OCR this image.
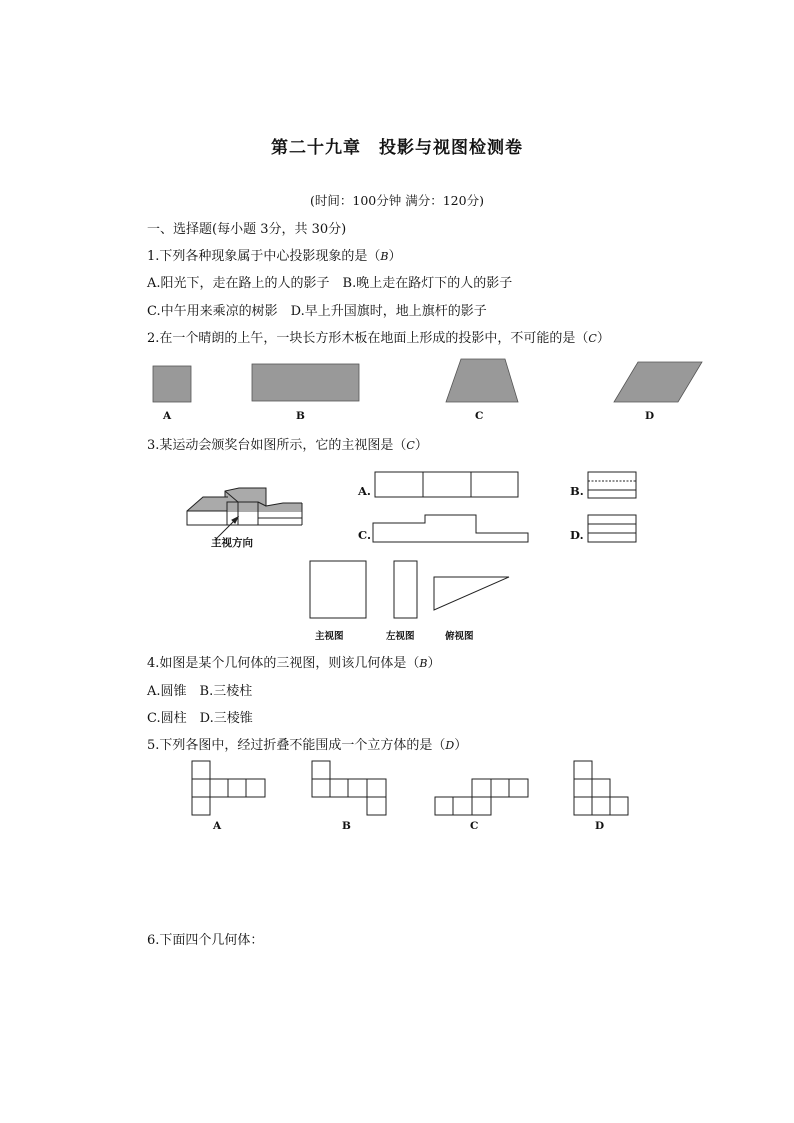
第二十九章　投影与视图检测卷
(时间：100分钟 满分：120分)
一、选择题(每小题 3分，共 30分)
1.下列各种现象属于中心投影现象的是（B）
A.阳光下，走在路上的人的影子　B.晚上走在路灯下的人的影子
C.中午用来乘凉的树影　D.早上升国旗时，地上旗杆的影子
2.在一个晴朗的上午，一块长方形木板在地面上形成的投影中，不可能的是（C）
A	B	C	D
3.某运动会颁奖台如图所示，它的主视图是（C）
主视方向
A.	B.
C.	D.
主视图	左视图	俯视图
4.如图是某个几何体的三视图，则该几何体是（B）
A.圆锥　B.三棱柱
C.圆柱　D.三棱锥
5.下列各图中，经过折叠不能围成一个立方体的是（D）
A	B	C	D
6.下面四个几何体：
